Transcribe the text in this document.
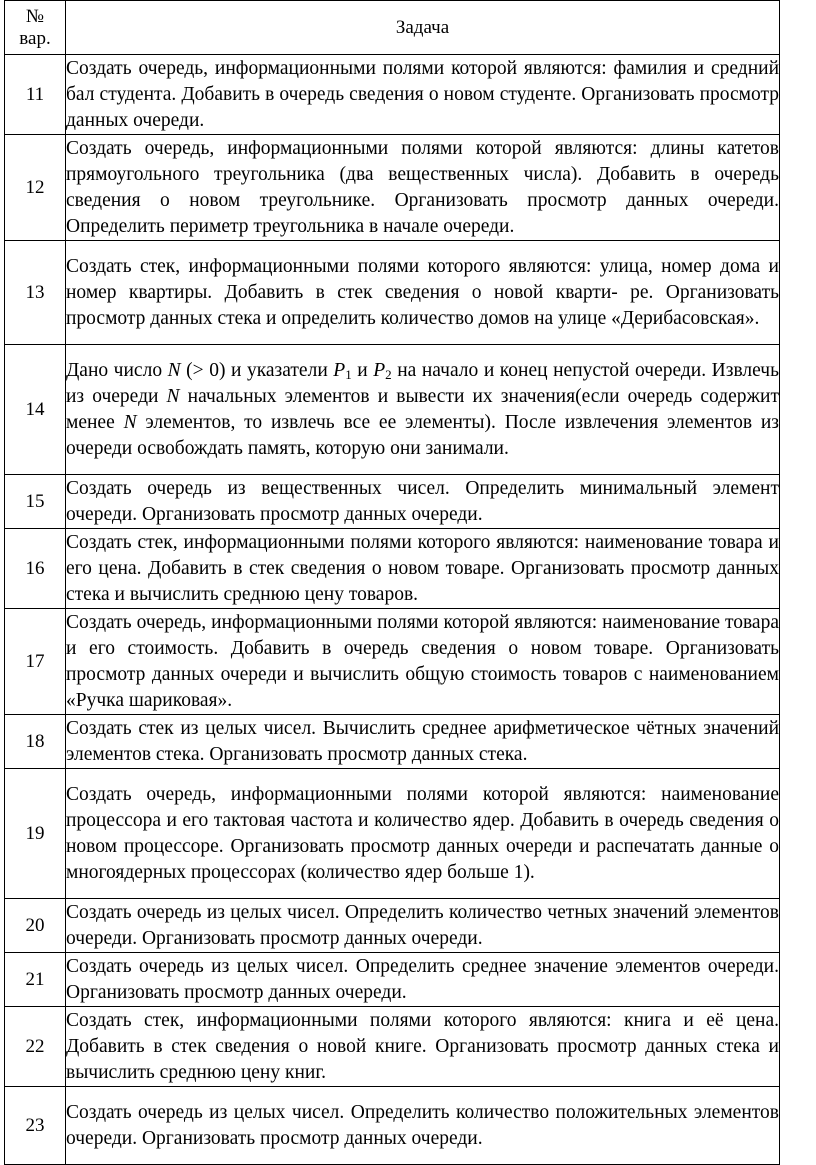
№
вар.	Задача
11	Создать очередь, информационными полями которой являются: фамилия и средний бал студента. Добавить в очередь сведения о новом студенте. Организовать просмотр данных очереди.

12	Создать очередь, информационными полями которой являются: длины катетов прямоугольного треугольника (два вещественных числа). Добавить в очередь сведения о новом треугольнике. Организовать просмотр данных очереди. Определить периметр треугольника в начале очереди.

13	Создать стек, информационными полями которого являются: улица, номер дома и номер квартиры. Добавить в стек сведения о новой кварти- ре. Организовать просмотр данных стека и определить количество домов на улице «Дерибасовская».

14	Дано число N (> 0) и указатели $P_1$ и $P_2$ на начало и конец непустой очереди. Извлечь из очереди N начальных элементов и вывести их значения(если очередь содержит менее N элементов, то извлечь все ее элементы). После извлечения элементов из очереди освобождать память, которую они занимали.

15	Создать очередь из вещественных чисел. Определить минимальный элемент очереди. Организовать просмотр данных очереди.

16	Создать стек, информационными полями которого являются: наименование товара и его цена. Добавить в стек сведения о новом товаре. Организовать просмотр данных стека и вычислить среднюю цену товаров.

17	Создать очередь, информационными полями которой являются: наименование товара и его стоимость. Добавить в очередь сведения о новом товаре. Организовать просмотр данных очереди и вычислить общую стоимость товаров с наименованием «Ручка шариковая».

18	Создать стек из целых чисел. Вычислить среднее арифметическое чётных значений элементов стека. Организовать просмотр данных стека.

19	Создать очередь, информационными полями которой являются: наименование процессора и его тактовая частота и количество ядер. Добавить в очередь сведения о новом процессоре. Организовать просмотр данных очереди и распечатать данные о многоядерных процессорах (количество ядер больше 1).

20	Создать очередь из целых чисел. Определить количество четных значений элементов очереди. Организовать просмотр данных очереди.

21	Создать очередь из целых чисел. Определить среднее значение элементов очереди. Организовать просмотр данных очереди.

22	Создать стек, информационными полями которого являются: книга и её цена. Добавить в стек сведения о новой книге. Организовать просмотр данных стека и вычислить среднюю цену книг.

23	Создать очередь из целых чисел. Определить количество положительных элементов очереди. Организовать просмотр данных очереди.
